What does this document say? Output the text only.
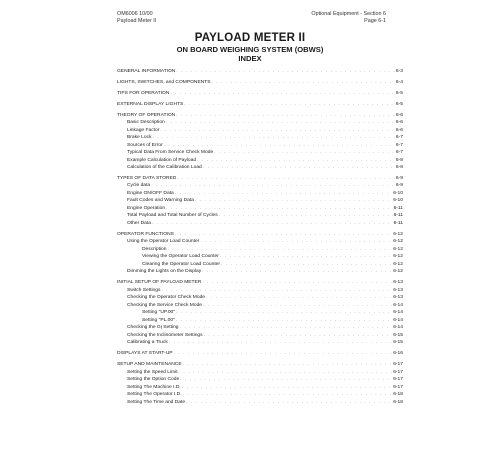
OM6006 10/00
Payload Meter II
Optional Equipment - Section 6
Page 6-1
PAYLOAD METER II
ON BOARD WEIGHING SYSTEM (OBWS)
INDEX
GENERAL INFORMATION . . .	6-3
LIGHTS, SWITCHES, and COMPONENTS . . .	6-4
TIPS FOR OPERATION . . .	6-5
EXTERNAL DISPLAY LIGHTS . . .	6-5
THEORY OF OPERATION . . .	6-6
Basic Description . . .	6-6
Linkage Factor . . .	6-6
Brake Lock . . .	6-7
Sources of Error . . .	6-7
Typical Data From Service Check Mode . . .	6-7
Example Calculation of Payload . . .	6-8
Calculation of the Calibration Load . . .	6-8
TYPES OF DATA STORED . . .	6-9
Cycle data . . .	6-9
Engine ON/OFF Data . . .	6-10
Fault Codes and Warning Data . . .	6-10
Engine Operation . . .	6-11
Total Payload and Total Number of Cycles . . .	6-11
Other Data . . .	6-11
OPERATOR FUNCTIONS . . .	6-12
Using the Operator Load Counter . . .	6-12
Description . . .	6-12
Viewing the Operator Load Counter . . .	6-12
Clearing the Operator Load Counter . . .	6-12
Dimming the Lights on the Display . . .	6-12
INITIAL SETUP OF PAYLOAD METER . . .	6-13
Switch Settings . . .	6-13
Checking the Operator Check Mode . . .	6-13
Checking the Service Check Mode . . .	6-14
Setting "UP.00" . . .	6-14
Setting "PL.00" . . .	6-14
Checking the Gf Setting . . .	6-14
Checking the Inclinometer Settings . . .	6-15
Calibrating a Truck . . .	6-15
DISPLAYS AT START-UP . . .	6-16
SETUP AND MAINTENANCE . . .	6-17
Setting the Speed Limit . . .	6-17
Setting the Option Code . . .	6-17
Setting The Machine I.D. . . .	6-17
Setting The Operator I.D. . . .	6-18
Setting The Time and Date . . .	6-18
